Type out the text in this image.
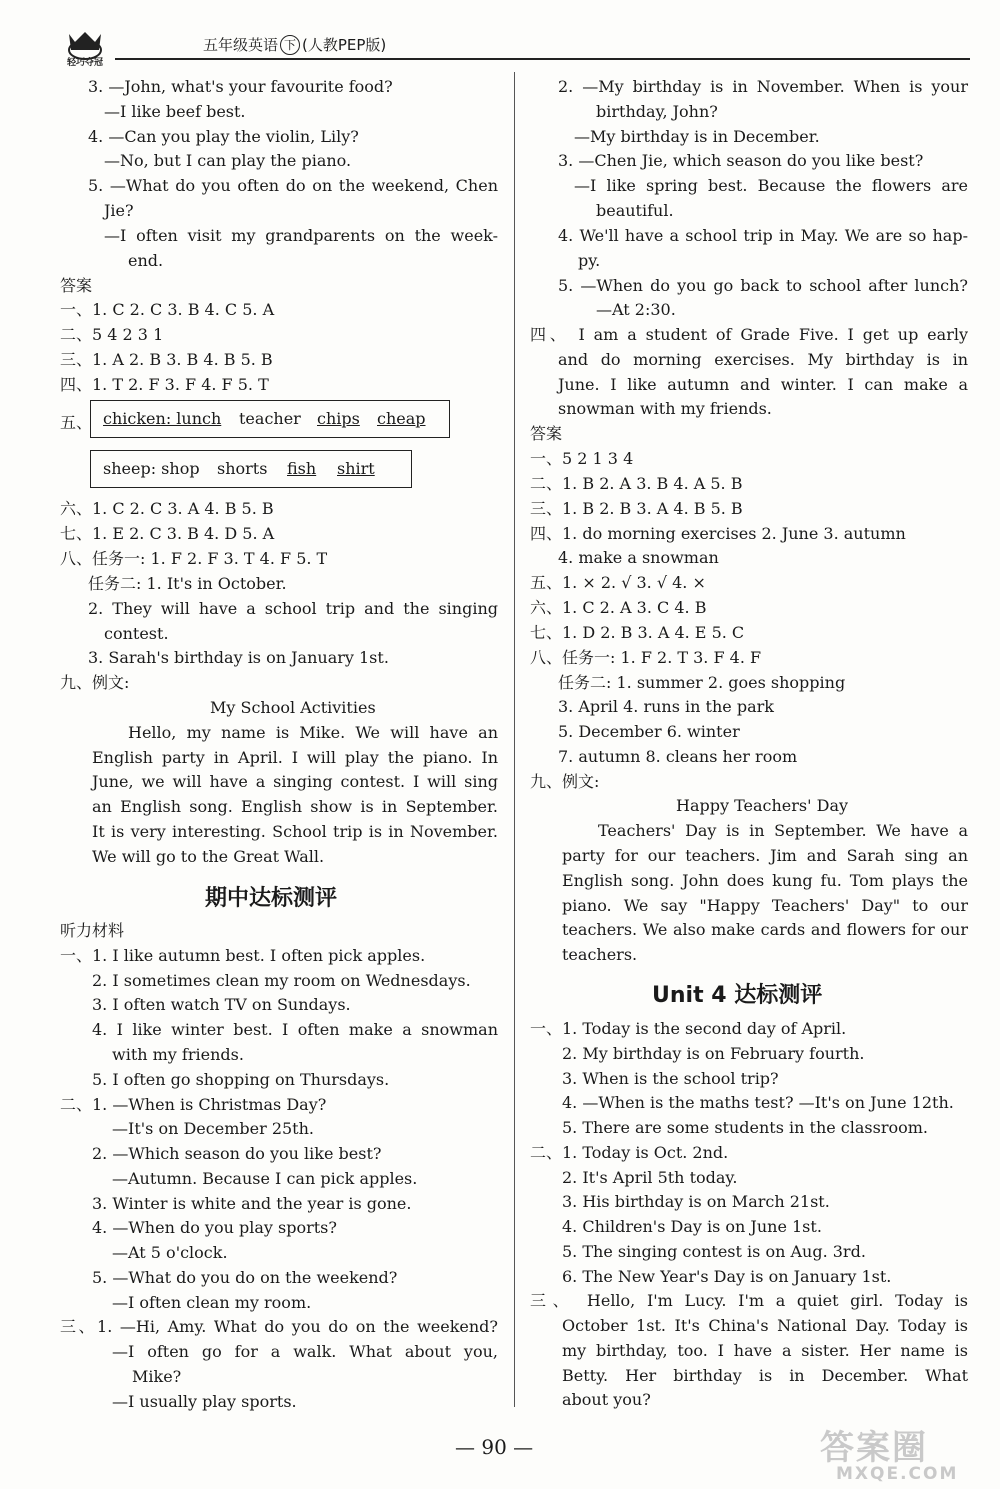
轻巧夺冠
五年级英语 下 (人教PEP版)
3. —John, what's your favourite food?
—I like beef best.
4. —Can you play the violin, Lily?
—No, but I can play the piano.
5. —What do you often do on the weekend, Chen
Jie?
—I often visit my grandparents on the week-
end.
答案
一、1. C 2. C 3. B 4. C 5. A
二、5 4 2 3 1
三、1. A 2. B 3. B 4. B 5. B
四、1. T 2. F 3. F 4. F 5. T
五、 chicken: lunch teacher chips cheap
sheep: shop shorts fish shirt
六、1. C 2. C 3. A 4. B 5. B
七、1. E 2. C 3. B 4. D 5. A
八、任务一: 1. F 2. F 3. T 4. F 5. T
任务二: 1. It's in October.
2. They will have a school trip and the singing
contest.
3. Sarah's birthday is on January 1st.
九、例文:
My School Activities
Hello, my name is Mike. We will have an
English party in April. I will play the piano. In
June, we will have a singing contest. I will sing
an English song. English show is in September.
It is very interesting. School trip is in November.
We will go to the Great Wall.
期中达标测评
听力材料
一、1. I like autumn best. I often pick apples.
2. I sometimes clean my room on Wednesdays.
3. I often watch TV on Sundays.
4. I like winter best. I often make a snowman
with my friends.
5. I often go shopping on Thursdays.
二、1. —When is Christmas Day?
—It's on December 25th.
2. —Which season do you like best?
—Autumn. Because I can pick apples.
3. Winter is white and the year is gone.
4. —When do you play sports?
—At 5 o'clock.
5. —What do you do on the weekend?
—I often clean my room.
三、1. —Hi, Amy. What do you do on the weekend?
—I often go for a walk. What about you,
Mike?
—I usually play sports.
2. —My birthday is in November. When is your
birthday, John?
—My birthday is in December.
3. —Chen Jie, which season do you like best?
—I like spring best. Because the flowers are
beautiful.
4. We'll have a school trip in May. We are so hap-
py.
5. —When do you go back to school after lunch?
—At 2:30.
四、 I am a student of Grade Five. I get up early
and do morning exercises. My birthday is in
June. I like autumn and winter. I can make a
snowman with my friends.
答案
一、5 2 1 3 4
二、1. B 2. A 3. B 4. A 5. B
三、1. B 2. B 3. A 4. B 5. B
四、1. do morning exercises 2. June 3. autumn
4. make a snowman
五、1. × 2. √ 3. √ 4. ×
六、1. C 2. A 3. C 4. B
七、1. D 2. B 3. A 4. E 5. C
八、任务一: 1. F 2. T 3. F 4. F
任务二: 1. summer 2. goes shopping
3. April 4. runs in the park
5. December 6. winter
7. autumn 8. cleans her room
九、例文:
Happy Teachers' Day
Teachers' Day is in September. We have a
party for our teachers. Jim and Sarah sing an
English song. John does kung fu. Tom plays the
piano. We say "Happy Teachers' Day" to our
teachers. We also make cards and flowers for our
teachers.
Unit 4 达标测评
一、1. Today is the second day of April.
2. My birthday is on February fourth.
3. When is the school trip?
4. —When is the maths test? —It's on June 12th.
5. There are some students in the classroom.
二、1. Today is Oct. 2nd.
2. It's April 5th today.
3. His birthday is on March 21st.
4. Children's Day is on June 1st.
5. The singing contest is on Aug. 3rd.
6. The New Year's Day is on January 1st.
三、 Hello, I'm Lucy. I'm a quiet girl. Today is
October 1st. It's China's National Day. Today is
my birthday, too. I have a sister. Her name is
Betty. Her birthday is in December. What
about you?
— 90 —	答案圈
MXQE.COM
